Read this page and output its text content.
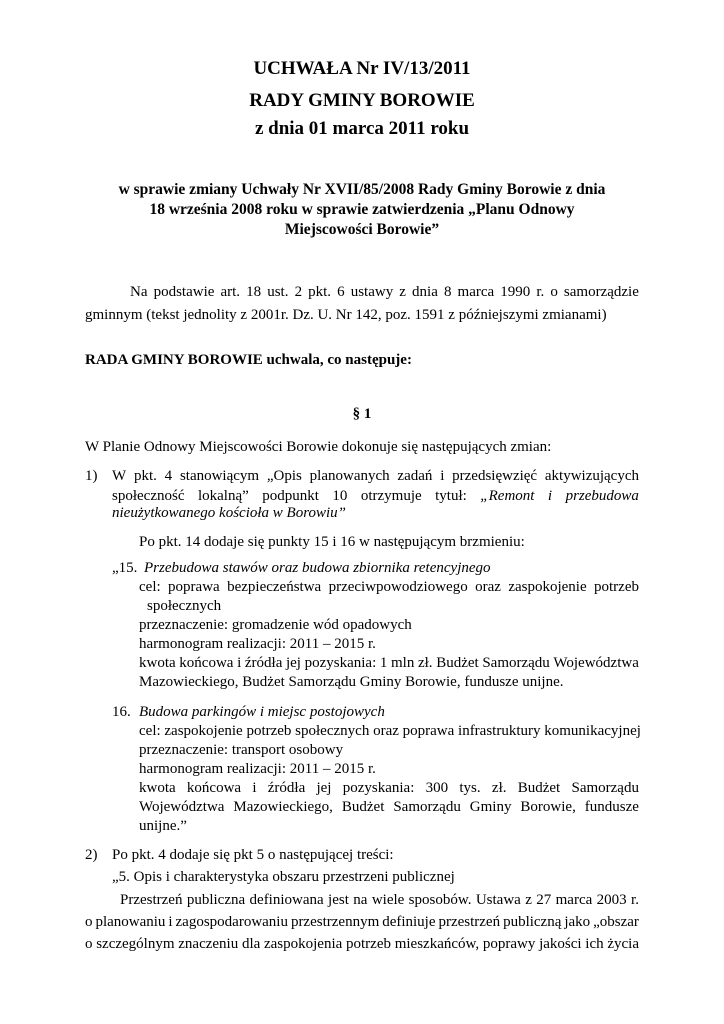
UCHWAŁA Nr IV/13/2011
RADY GMINY BOROWIE
z dnia 01 marca 2011 roku
w sprawie zmiany Uchwały Nr XVII/85/2008 Rady Gminy Borowie z dnia
18 września 2008 roku w sprawie zatwierdzenia „Planu Odnowy
Miejscowości Borowie”
Na podstawie art. 18 ust. 2 pkt. 6 ustawy z dnia 8 marca 1990 r. o samorządzie
gminnym (tekst jednolity z 2001r. Dz. U. Nr 142, poz. 1591 z późniejszymi zmianami)
RADA GMINY BOROWIE uchwala, co następuje:
§ 1
W Planie Odnowy Miejscowości Borowie dokonuje się następujących zmian:
1) W pkt. 4 stanowiącym „Opis planowanych zadań i przedsięwzięć aktywizujących
społeczność lokalną” podpunkt 10 otrzymuje tytuł: „Remont i przebudowa
nieużytkowanego kościoła w Borowiu”
Po pkt. 14 dodaje się punkty 15 i 16 w następującym brzmieniu:
„15. Przebudowa stawów oraz budowa zbiornika retencyjnego
cel: poprawa bezpieczeństwa przeciwpowodziowego oraz zaspokojenie potrzeb
społecznych
przeznaczenie: gromadzenie wód opadowych
harmonogram realizacji: 2011 – 2015 r.
kwota końcowa i źródła jej pozyskania: 1 mln zł. Budżet Samorządu Województwa
Mazowieckiego, Budżet Samorządu Gminy Borowie, fundusze unijne.
16. Budowa parkingów i miejsc postojowych
cel: zaspokojenie potrzeb społecznych oraz poprawa infrastruktury komunikacyjnej
przeznaczenie: transport osobowy
harmonogram realizacji: 2011 – 2015 r.
kwota końcowa i źródła jej pozyskania: 300 tys. zł. Budżet Samorządu
Województwa Mazowieckiego, Budżet Samorządu Gminy Borowie, fundusze
unijne.”
2) Po pkt. 4 dodaje się pkt 5 o następującej treści:
„5. Opis i charakterystyka obszaru przestrzeni publicznej
Przestrzeń publiczna definiowana jest na wiele sposobów. Ustawa z 27 marca 2003 r.
o planowaniu i zagospodarowaniu przestrzennym definiuje przestrzeń publiczną jako „obszar
o szczególnym znaczeniu dla zaspokojenia potrzeb mieszkańców, poprawy jakości ich życia
